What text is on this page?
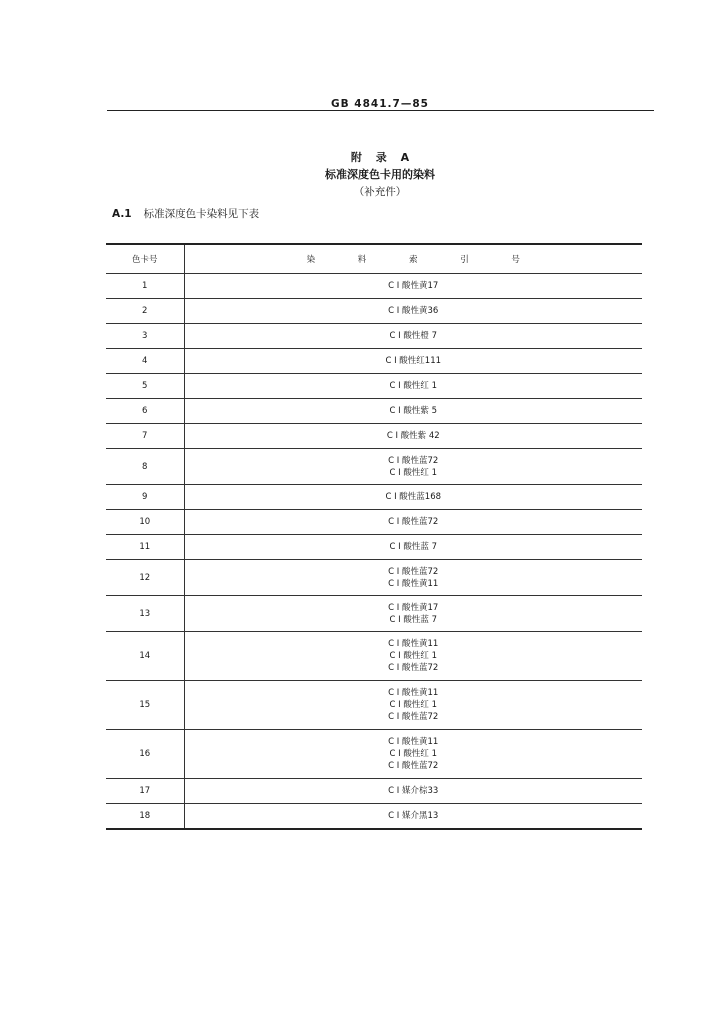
GB 4841.7—85
附 录 A
标准深度色卡用的染料
（补充件）
A.1 标准深度色卡染料见下表
色卡号	染 料 索 引 号
1	C I 酸性黄17

2	C I 酸性黄36

3	C I 酸性橙 7

4	C I 酸性红111

5	C I 酸性红 1

6	C I 酸性紫 5

7	C I 酸性紫 42

8	C I 酸性蓝72
C I 酸性红 1

9	C I 酸性蓝168

10	C I 酸性蓝72

11	C I 酸性蓝 7

12	C I 酸性蓝72
C I 酸性黄11

13	C I 酸性黄17
C I 酸性蓝 7

14	C I 酸性黄11
C I 酸性红 1
C I 酸性蓝72

15	C I 酸性黄11
C I 酸性红 1
C I 酸性蓝72

16	C I 酸性黄11
C I 酸性红 1
C I 酸性蓝72

17	C I 媒介棕33

18	C I 媒介黑13
